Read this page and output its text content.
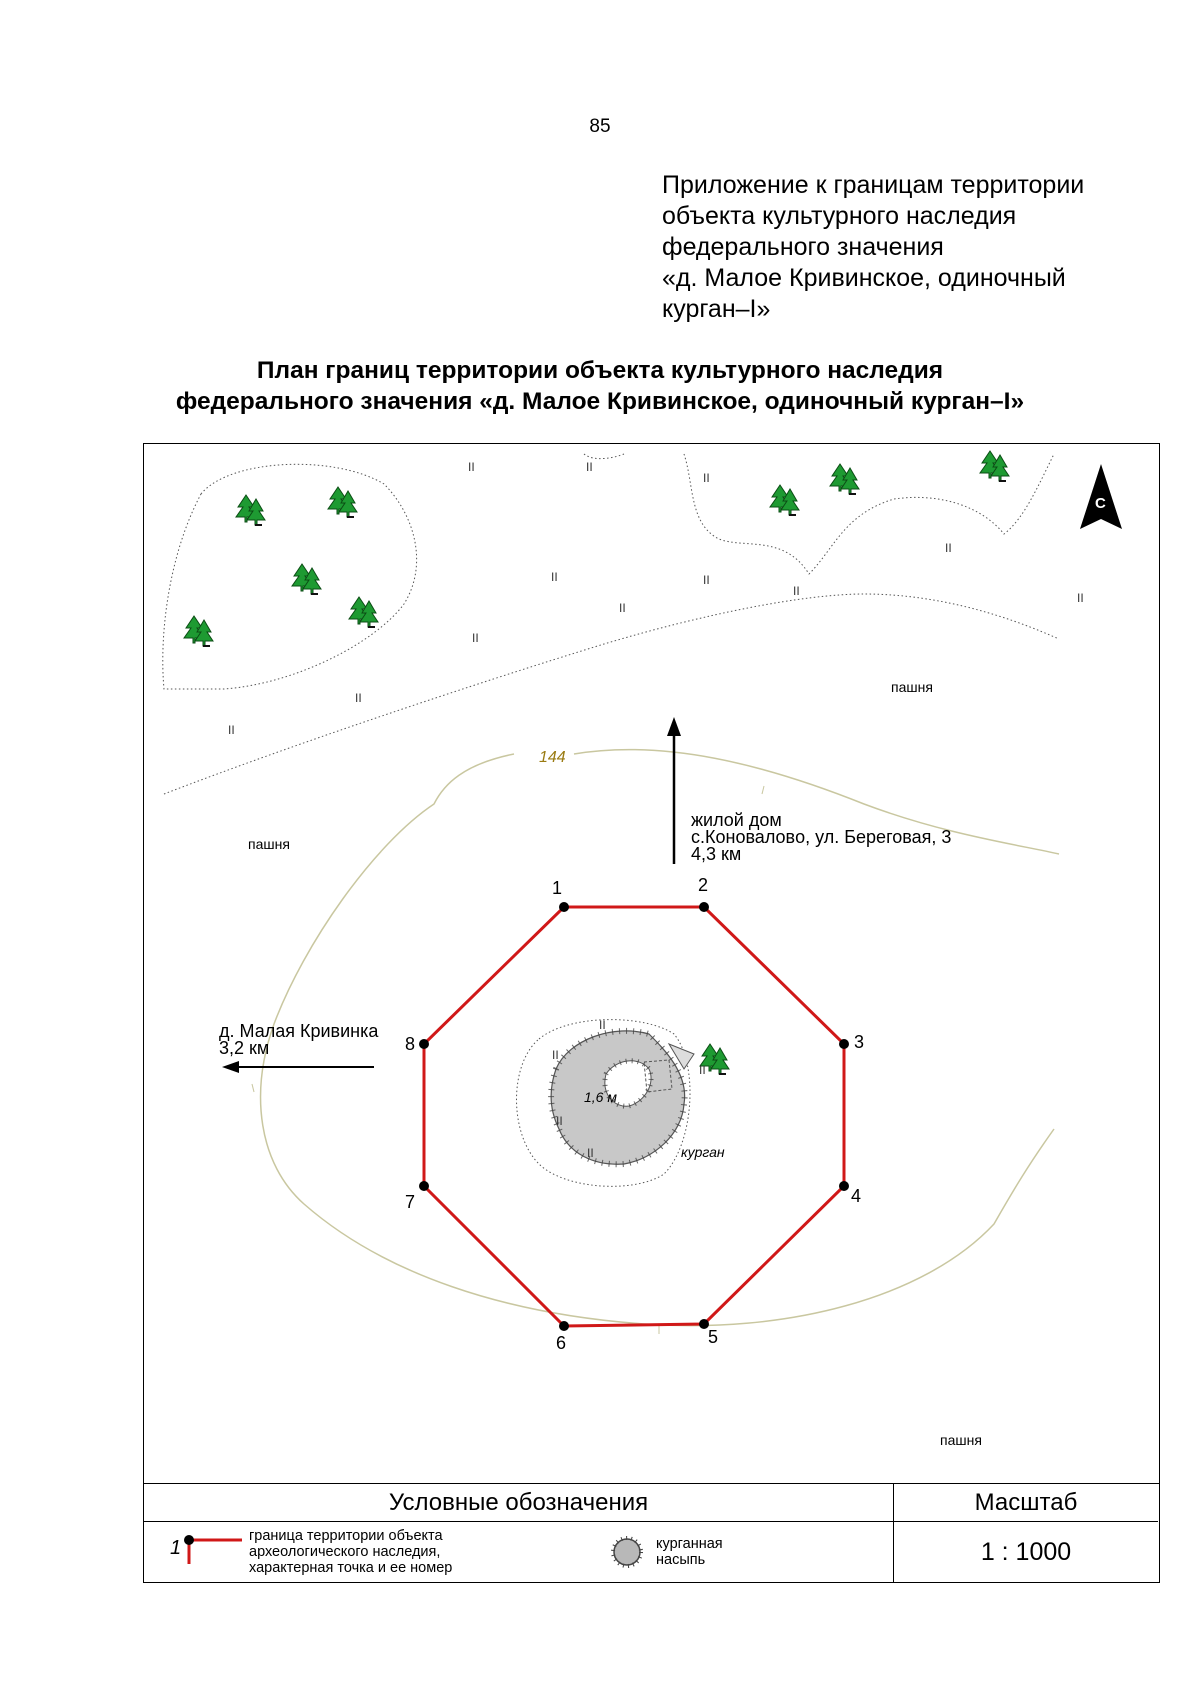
85
Приложение к границам территории
объекта культурного наследия
федерального значения
«д. Малое Кривинское, одиночный
курган–I»
План границ территории объекта культурного наследия
федерального значения «д. Малое Кривинское, одиночный курган–I»
144
II	II
II
II	II
II
II
II
II
II
II
II
С
пашня
пашня
пашня
жилой дом
с.Коноваловo, ул. Береговая, 3
4,3 км
д. Малая Кривинка
3,2 км
II
II
II
II
II
1,6 м
курган
1	2
3
4
5
6
7
8
Условные обозначения	Масштаб
1
граница территории объекта
археологического наследия,
характерная точка и ее номер
курганная
насыпь	1 : 1000
